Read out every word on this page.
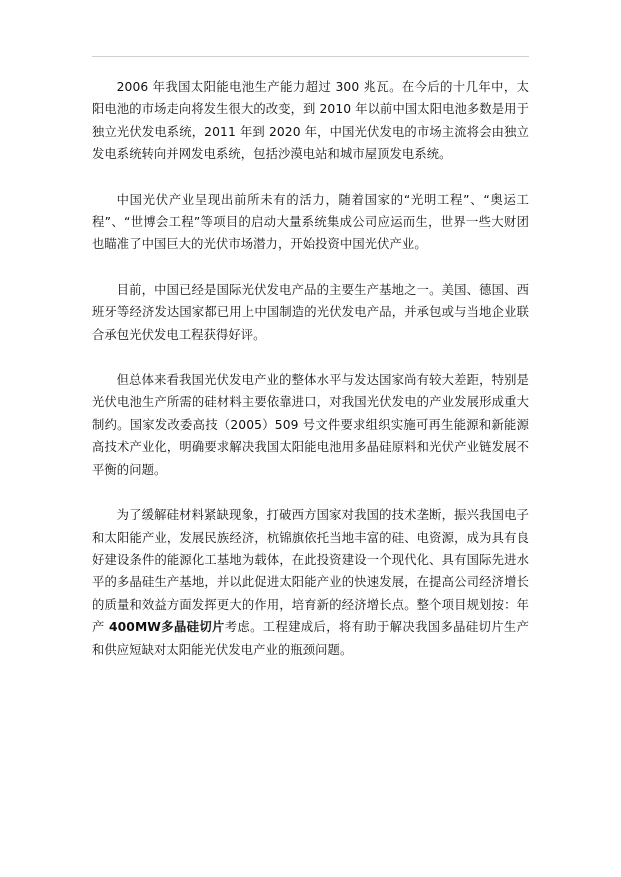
2006 年我国太阳能电池生产能力超过 300 兆瓦。在今后的十几年中，太阳电池的市场走向将发生很大的改变，到 2010 年以前中国太阳电池多数是用于独立光伏发电系统，2011 年到 2020 年，中国光伏发电的市场主流将会由独立发电系统转向并网发电系统，包括沙漠电站和城市屋顶发电系统。

中国光伏产业呈现出前所未有的活力，随着国家的“光明工程”、“奥运工程”、“世博会工程”等项目的启动大量系统集成公司应运而生，世界一些大财团也瞄准了中国巨大的光伏市场潜力，开始投资中国光伏产业。

目前，中国已经是国际光伏发电产品的主要生产基地之一。美国、德国、西班牙等经济发达国家都已用上中国制造的光伏发电产品，并承包或与当地企业联合承包光伏发电工程获得好评。

但总体来看我国光伏发电产业的整体水平与发达国家尚有较大差距，特别是光伏电池生产所需的硅材料主要依靠进口，对我国光伏发电的产业发展形成重大制约。国家发改委高技（2005）509 号文件要求组织实施可再生能源和新能源高技术产业化，明确要求解决我国太阳能电池用多晶硅原料和光伏产业链发展不平衡的问题。

为了缓解硅材料紧缺现象，打破西方国家对我国的技术垄断，振兴我国电子和太阳能产业，发展民族经济，杭锦旗依托当地丰富的硅、电资源，成为具有良好建设条件的能源化工基地为载体，在此投资建设一个现代化、具有国际先进水平的多晶硅生产基地，并以此促进太阳能产业的快速发展，在提高公司经济增长的质量和效益方面发挥更大的作用，培育新的经济增长点。整个项目规划按：年产 400MW多晶硅切片考虑。工程建成后，将有助于解决我国多晶硅切片生产和供应短缺对太阳能光伏发电产业的瓶颈问题。
